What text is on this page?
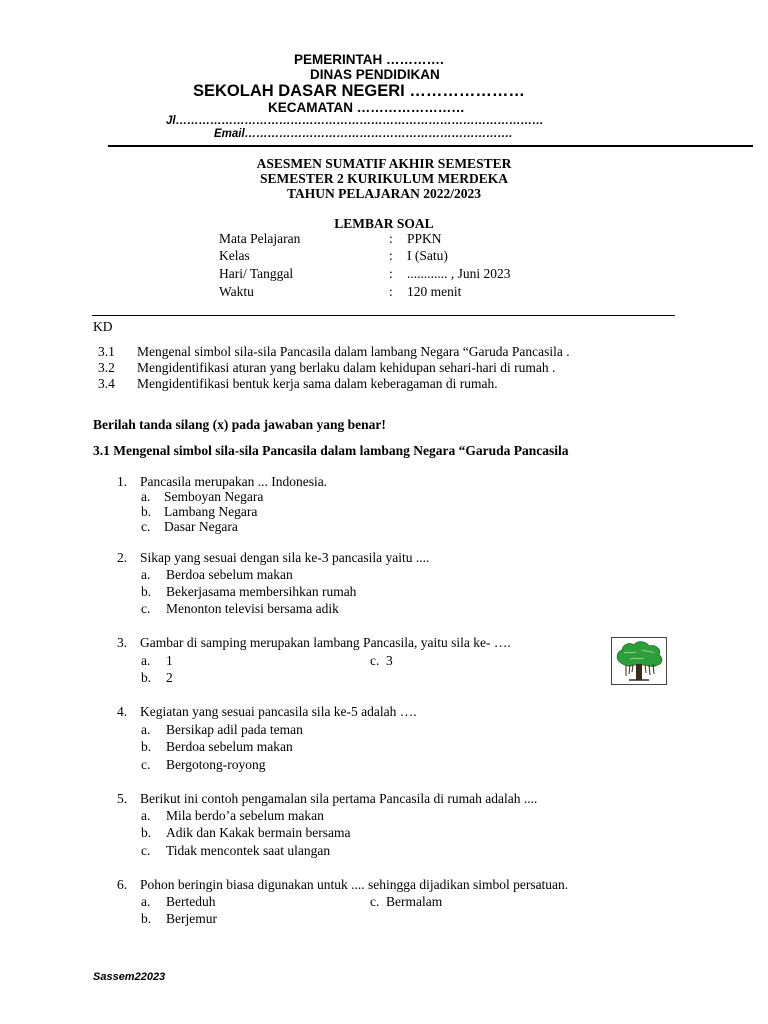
PEMERINTAH ………….
DINAS PENDIDIKAN
SEKOLAH DASAR NEGERI …………………
KECAMATAN ……………………
Jl……………………………………………………………………………………
Email…………………………………………………………….
ASESMEN SUMATIF AKHIR SEMESTER
SEMESTER 2 KURIKULUM MERDEKA
TAHUN PELAJARAN 2022/2023
LEMBAR SOAL
Mata Pelajaran	: PPKN
Kelas	: I (Satu)
Hari/ Tanggal	: ............ , Juni 2023
Waktu	: 120 menit
KD
3.1 Mengenal simbol sila-sila Pancasila dalam lambang Negara “Garuda Pancasila .
3.2 Mengidentifikasi aturan yang berlaku dalam kehidupan sehari-hari di rumah .
3.4 Mengidentifikasi bentuk kerja sama dalam keberagaman di rumah.
Berilah tanda silang (x) pada jawaban yang benar!
3.1 Mengenal simbol sila-sila Pancasila dalam lambang Negara “Garuda Pancasila
1. Pancasila merupakan ... Indonesia.
a. Semboyan Negara
b. Lambang Negara
c. Dasar Negara
2. Sikap yang sesuai dengan sila ke-3 pancasila yaitu ....
a. Berdoa sebelum makan
b. Bekerjasama membersihkan rumah
c. Menonton televisi bersama adik
3. Gambar di samping merupakan lambang Pancasila, yaitu sila ke- ….
a. 1	c. 3
b. 2
4. Kegiatan yang sesuai pancasila sila ke-5 adalah ….
a. Bersikap adil pada teman
b. Berdoa sebelum makan
c. Bergotong-royong
5. Berikut ini contoh pengamalan sila pertama Pancasila di rumah adalah ....
a. Mila berdo’a sebelum makan
b. Adik dan Kakak bermain bersama
c. Tidak mencontek saat ulangan
6. Pohon beringin biasa digunakan untuk .... sehingga dijadikan simbol persatuan.
a. Berteduh	c. Bermalam
b. Berjemur
Sassem22023
